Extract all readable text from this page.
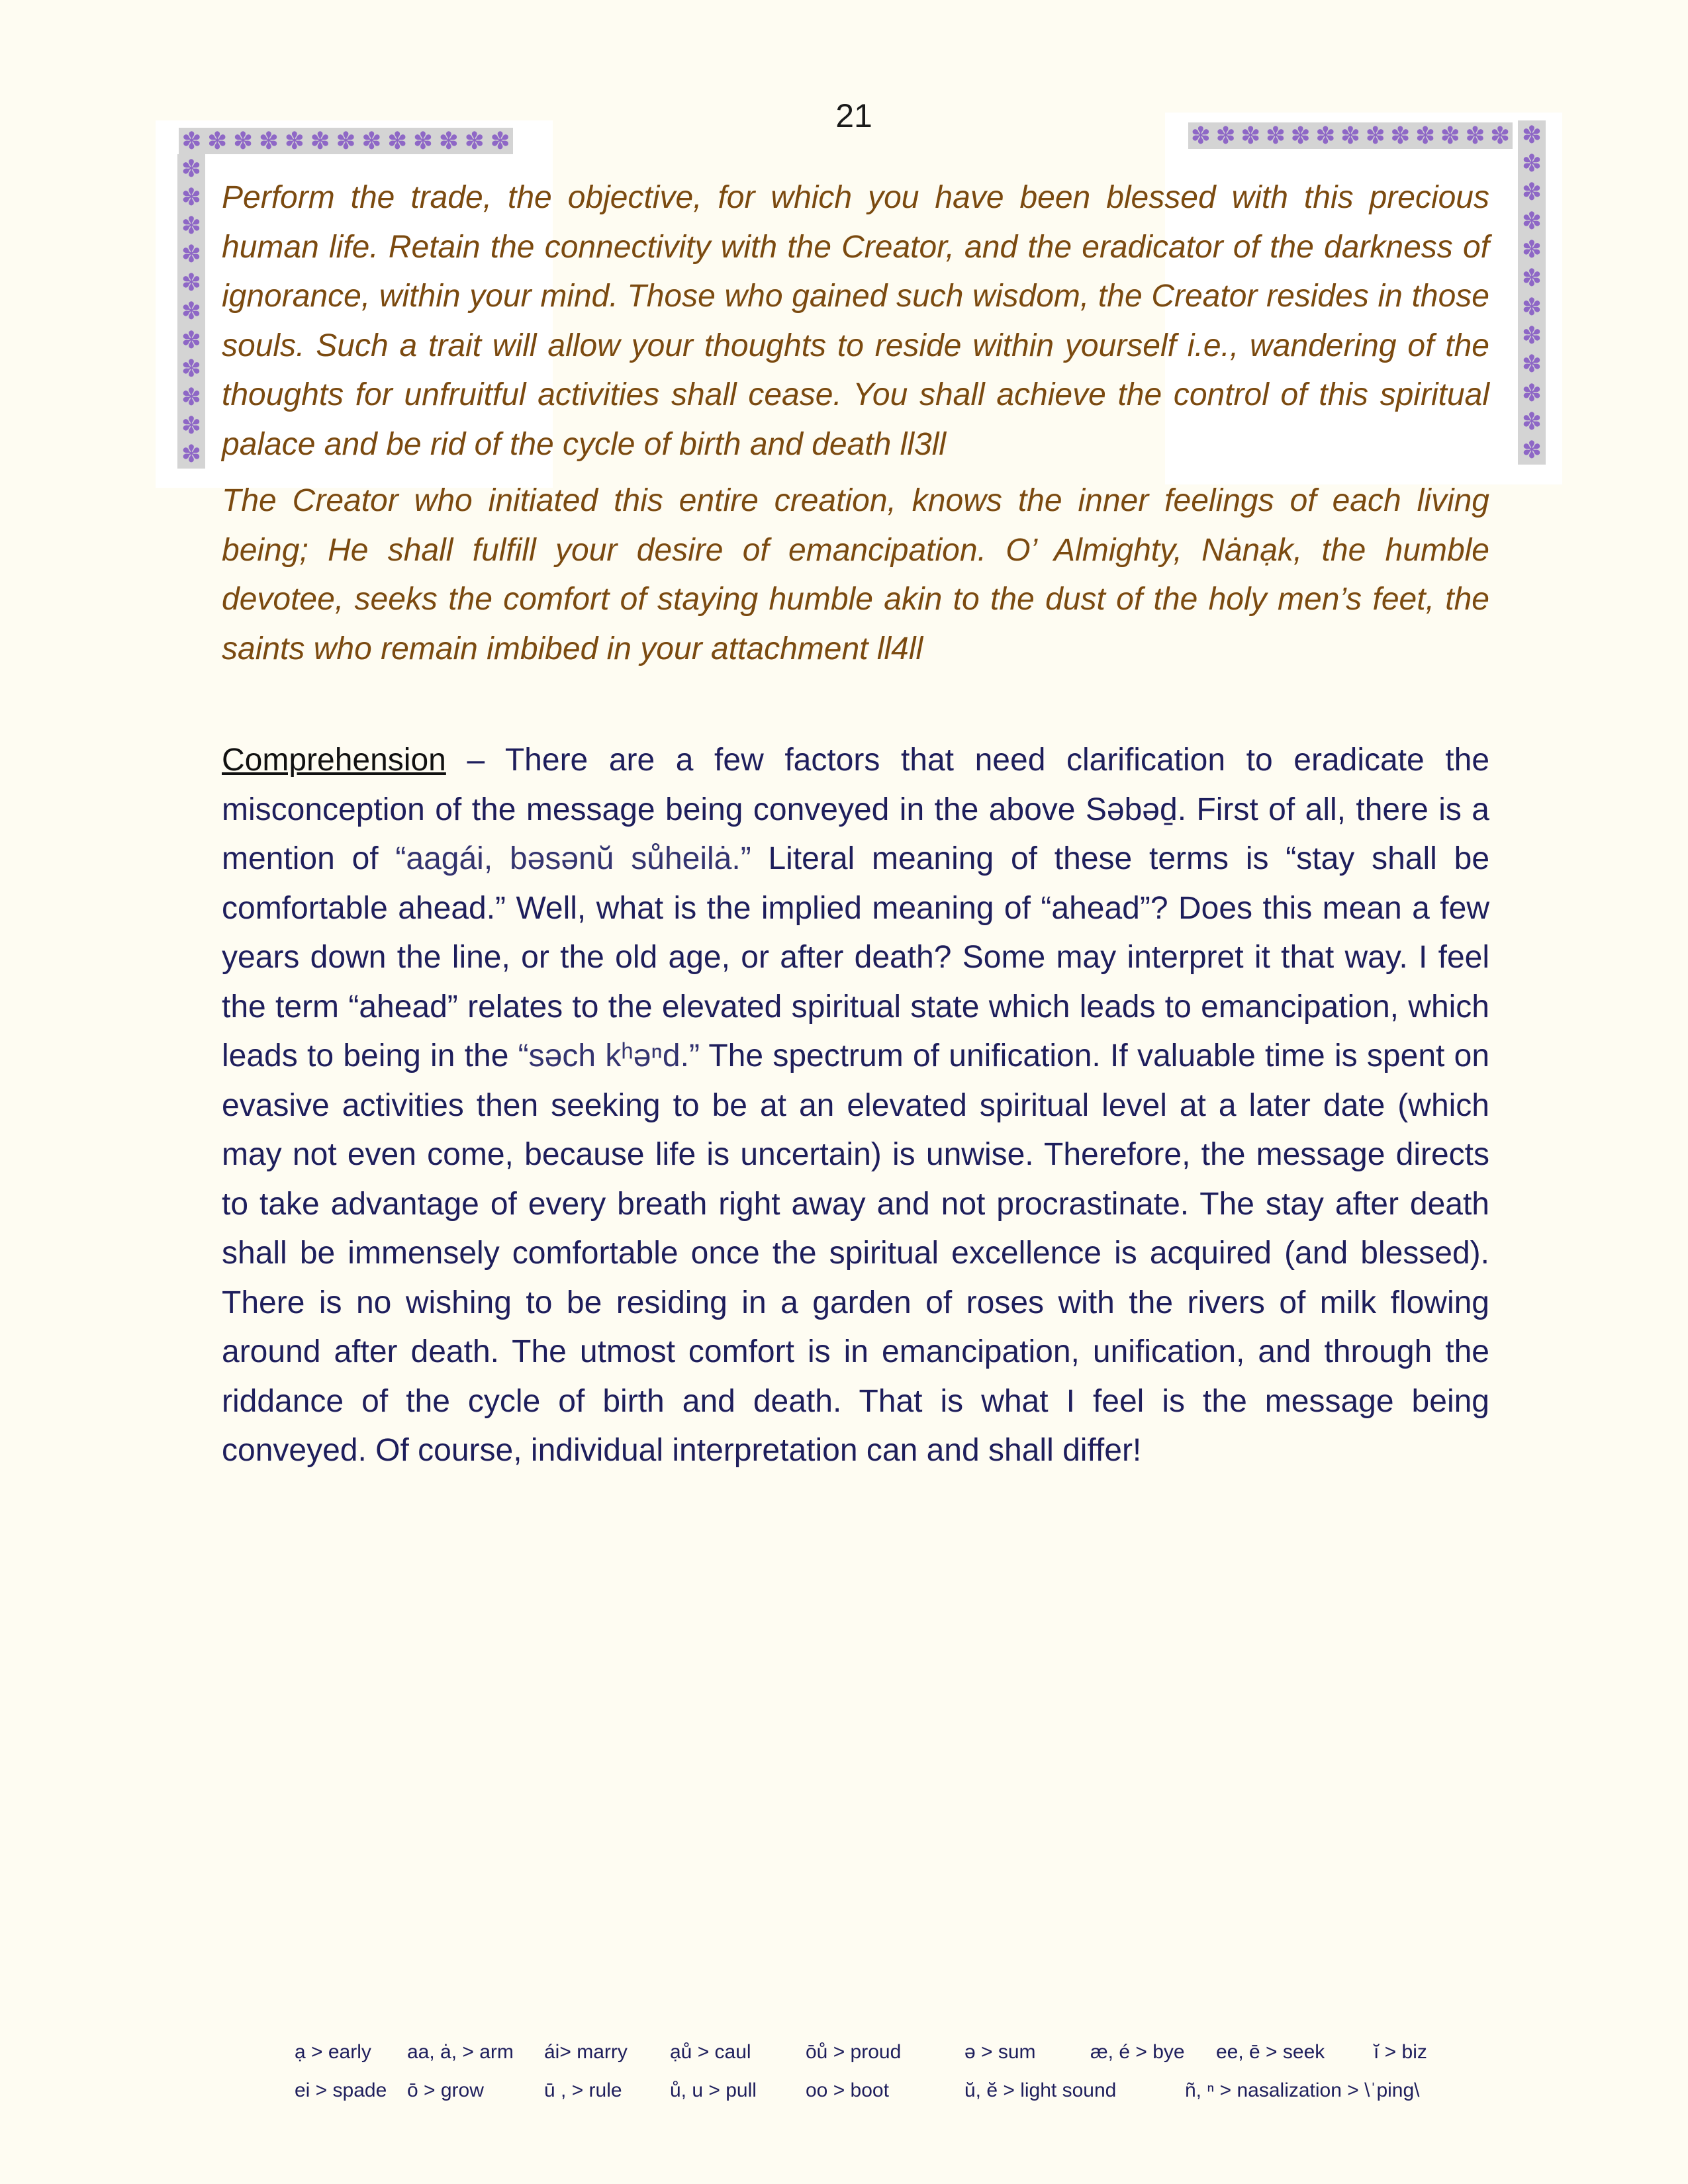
21
✽ ✽ ✽ ✽ ✽ ✽ ✽ ✽ ✽ ✽ ✽ ✽ ✽
✽
✽
✽
✽
✽
✽
✽
✽
✽
✽
✽
✽ ✽ ✽ ✽ ✽ ✽ ✽ ✽ ✽ ✽ ✽ ✽ ✽ ✽
✽
✽
✽
✽
✽
✽
✽
✽
✽
✽
✽

Perform the trade, the objective, for which you have been blessed with this precious human life. Retain the connectivity with the Creator, and the eradicator of the darkness of ignorance, within your mind. Those who gained such wisdom, the Creator resides in those souls. Such a trait will allow your thoughts to reside within yourself i.e., wandering of the thoughts for unfruitful activities shall cease. You shall achieve the control of this spiritual palace and be rid of the cycle of birth and death ll3ll

The Creator who initiated this entire creation, knows the inner feelings of each living being; He shall fulfill your desire of emancipation. O’ Almighty, Nȧnạk, the humble devotee, seeks the comfort of staying humble akin to the dust of the holy men’s feet, the saints who remain imbibed in your attachment ll4ll

Comprehension – There are a few factors that need clarification to eradicate the misconception of the message being conveyed in the above Səbəḏ. First of all, there is a mention of “aagái, bəsənŭ sůheilȧ.” Literal meaning of these terms is “stay shall be comfortable ahead.” Well, what is the implied meaning of “ahead”? Does this mean a few years down the line, or the old age, or after death? Some may interpret it that way. I feel the term “ahead” relates to the elevated spiritual state which leads to emancipation, which leads to being in the “səch kʰəⁿd.” The spectrum of unification. If valuable time is spent on evasive activities then seeking to be at an elevated spiritual level at a later date (which may not even come, because life is uncertain) is unwise. Therefore, the message directs to take advantage of every breath right away and not procrastinate. The stay after death shall be immensely comfortable once the spiritual excellence is acquired (and blessed). There is no wishing to be residing in a garden of roses with the rivers of milk flowing around after death. The utmost comfort is in emancipation, unification, and through the riddance of the cycle of birth and death. That is what I feel is the message being conveyed. Of course, individual interpretation can and shall differ!

ạ > early aa, ȧ, > arm ái> marry ạů > caul	ōů > proud	ə > sum	æ, é > bye ee, ē > seek ĭ > biz
ei > spade ō > grow	ū , > rule ů, u > pull oo > boot	ŭ, ĕ > light sound	ñ, ⁿ > nasalization > \ˈping\
